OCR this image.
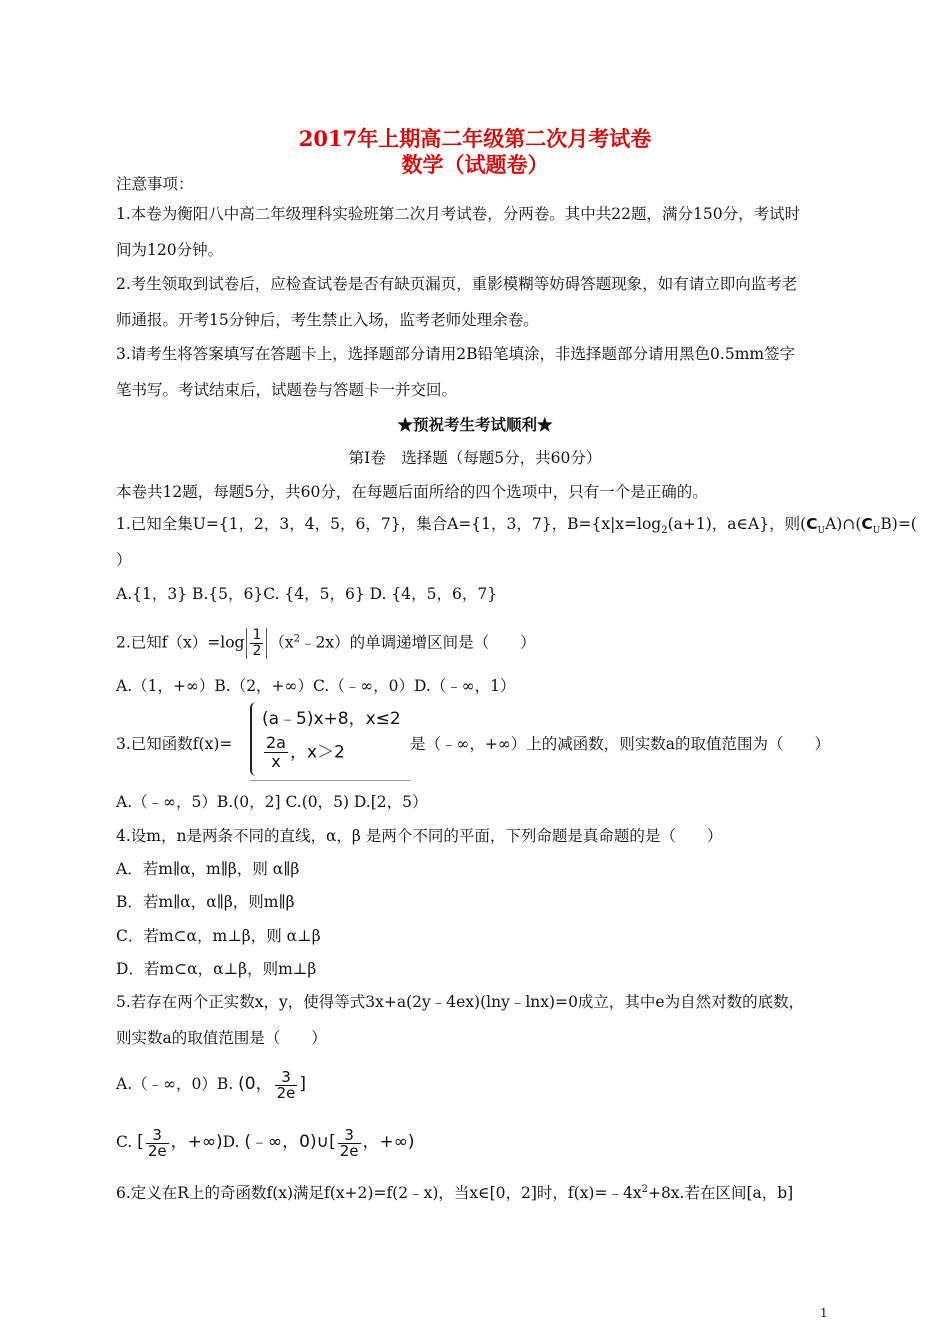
2017年上期高二年级第二次月考试卷
数学（试题卷）
注意事项：
1.本卷为衡阳八中高二年级理科实验班第二次月考试卷，分两卷。其中共22题，满分150分，考试时
间为120分钟。
2.考生领取到试卷后，应检查试卷是否有缺页漏页，重影模糊等妨碍答题现象，如有请立即向监考老
师通报。开考15分钟后，考生禁止入场，监考老师处理余卷。
3.请考生将答案填写在答题卡上，选择题部分请用2B铅笔填涂，非选择题部分请用黑色0.5mm签字
笔书写。考试结束后，试题卷与答题卡一并交回。
★预祝考生考试顺利★
第Ⅰ卷　选择题（每题5分，共60分）
本卷共12题，每题5分，共60分，在每题后面所给的四个选项中，只有一个是正确的。
1.已知全集U={1，2，3，4，5，6，7}，集合A={1，3，7}，$B=\{x|x=\log_2(a+1)$，a∈A}，则$(C_UA)\cap(C_UB)=$(
）
A.{1，3} B.{5，6}C. {4，5，6} D. {4，5，6，7}
2.已知$f(x)=\log \frac{1}{2}$ $(x^2﹣2x)$的单调递增区间是（　　）
A.（1，+∞）B.（2，+∞）C.（﹣∞，0）D.（﹣∞，1）
3.已知函数f(x)=
(a﹣5)x+8，x≤2
$\frac{2a}{x}$ ，x＞2	是（﹣∞，+∞）上的减函数，则实数a的取值范围为（　　）
A.（﹣∞，5）B.(0，2] C.(0，5) D.[2，5）
4.设m，n是两条不同的直线，α，β 是两个不同的平面，下列命题是真命题的是（　　）
A．若m∥α，m∥β，则 α∥β
B．若m∥α，α∥β，则m∥β
C．若m⊂α，m⊥β，则 α⊥β
D．若m⊂α，α⊥β，则m⊥β
5.若存在两个正实数x，y，使得等式3x+a(2y﹣4ex)(lny﹣lnx)=0成立，其中e为自然对数的底数，
则实数a的取值范围是（　　）
A.（﹣∞，0）B. (0， $\frac{3}{2e}$ ]
C. [ $\frac{3}{2e}$ ，+∞)D. (﹣∞，0)∪[ $\frac{3}{2e}$ ，+∞)
6.定义在R上的奇函数f(x)满足f(x+2)=f(2﹣x)，当x∈[0，2]时，$f(x)=﹣4x^2+8x$.若在区间[a，b]
1
